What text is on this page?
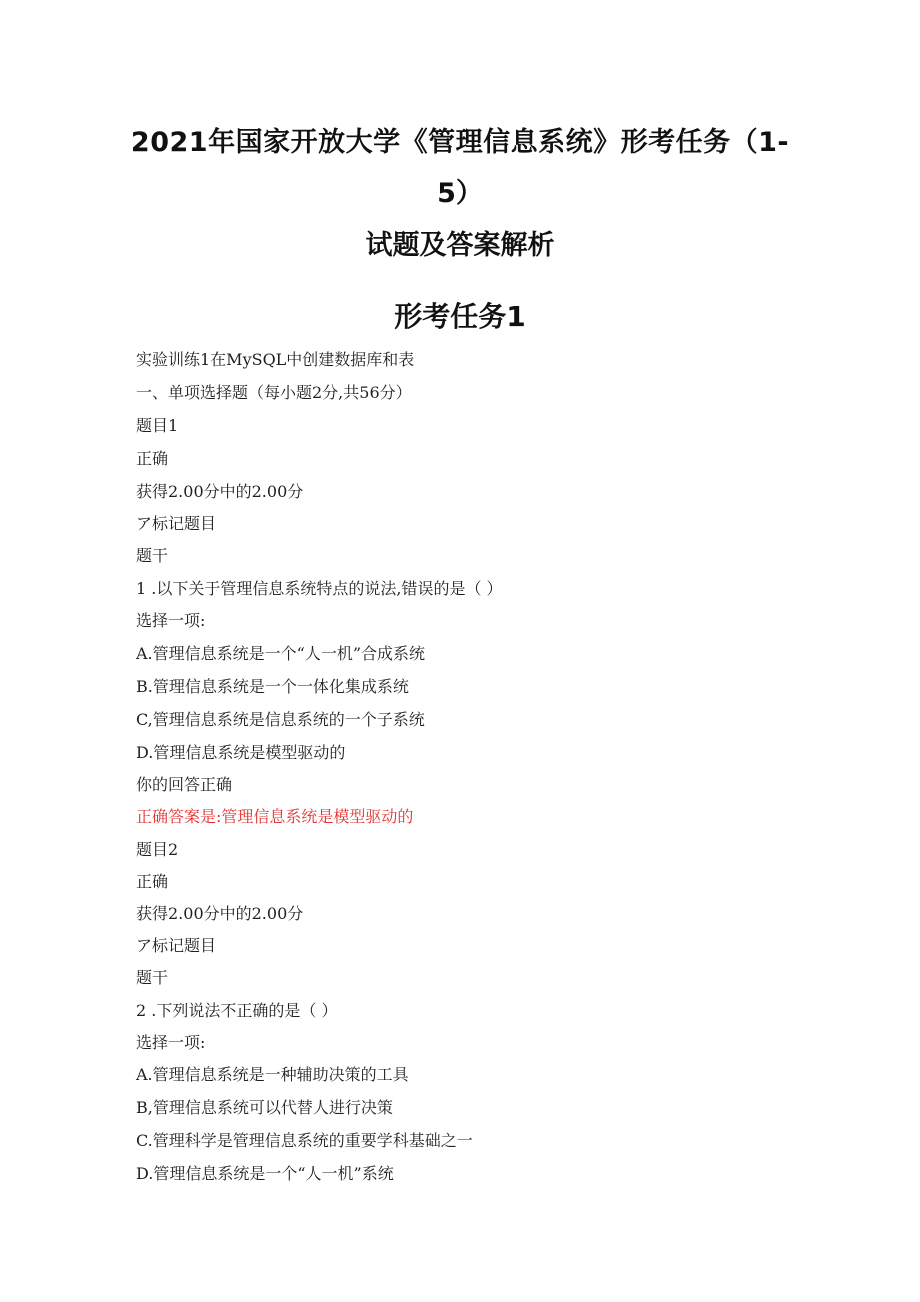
2021年国家开放大学《管理信息系统》形考任务（1-
5）
试题及答案解析
形考任务1
实验训练1在MySQL中创建数据库和表
一、单项选择题（每小题2分,共56分）
题目1
正确
获得2.00分中的2.00分
ア标记题目
题干
1 .以下关于管理信息系统特点的说法,错误的是（ ）
选择一项:
A.管理信息系统是一个“人一机”合成系统
B.管理信息系统是一个一体化集成系统
C,管理信息系统是信息系统的一个子系统
D.管理信息系统是模型驱动的
你的回答正确
正确答案是:管理信息系统是模型驱动的
题目2
正确
获得2.00分中的2.00分
ア标记题目
题干
2 .下列说法不正确的是（ ）
选择一项:
A.管理信息系统是一种辅助决策的工具
B,管理信息系统可以代替人进行决策
C.管理科学是管理信息系统的重要学科基础之一
D.管理信息系统是一个“人一机”系统
